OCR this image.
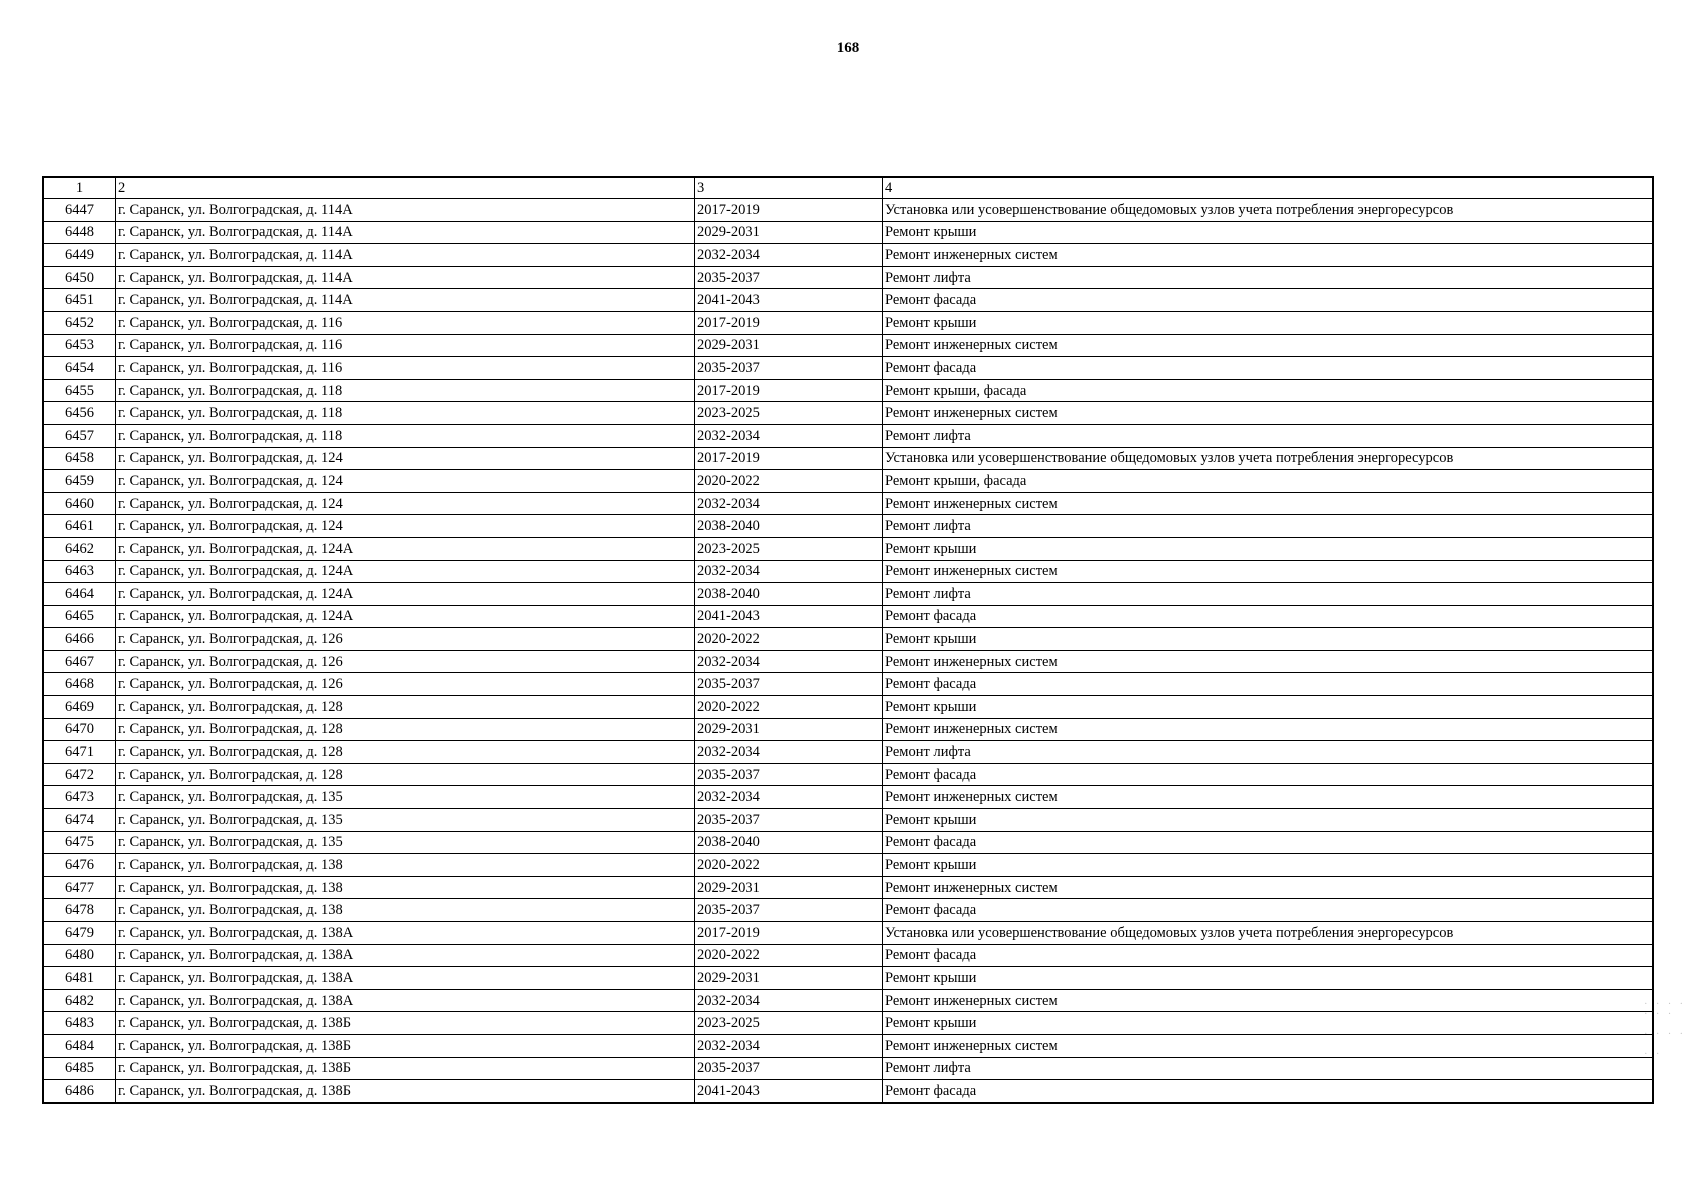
168
1	2	3	4
6447	г. Саранск, ул. Волгоградская, д. 114А	2017-2019	Установка или усовершенствование общедомовых узлов учета потребления энергоресурсов
6448	г. Саранск, ул. Волгоградская, д. 114А	2029-2031	Ремонт крыши
6449	г. Саранск, ул. Волгоградская, д. 114А	2032-2034	Ремонт инженерных систем
6450	г. Саранск, ул. Волгоградская, д. 114А	2035-2037	Ремонт лифта
6451	г. Саранск, ул. Волгоградская, д. 114А	2041-2043	Ремонт фасада
6452	г. Саранск, ул. Волгоградская, д. 116	2017-2019	Ремонт крыши
6453	г. Саранск, ул. Волгоградская, д. 116	2029-2031	Ремонт инженерных систем
6454	г. Саранск, ул. Волгоградская, д. 116	2035-2037	Ремонт фасада
6455	г. Саранск, ул. Волгоградская, д. 118	2017-2019	Ремонт крыши, фасада
6456	г. Саранск, ул. Волгоградская, д. 118	2023-2025	Ремонт инженерных систем
6457	г. Саранск, ул. Волгоградская, д. 118	2032-2034	Ремонт лифта
6458	г. Саранск, ул. Волгоградская, д. 124	2017-2019	Установка или усовершенствование общедомовых узлов учета потребления энергоресурсов
6459	г. Саранск, ул. Волгоградская, д. 124	2020-2022	Ремонт крыши, фасада
6460	г. Саранск, ул. Волгоградская, д. 124	2032-2034	Ремонт инженерных систем
6461	г. Саранск, ул. Волгоградская, д. 124	2038-2040	Ремонт лифта
6462	г. Саранск, ул. Волгоградская, д. 124А	2023-2025	Ремонт крыши
6463	г. Саранск, ул. Волгоградская, д. 124А	2032-2034	Ремонт инженерных систем
6464	г. Саранск, ул. Волгоградская, д. 124А	2038-2040	Ремонт лифта
6465	г. Саранск, ул. Волгоградская, д. 124А	2041-2043	Ремонт фасада
6466	г. Саранск, ул. Волгоградская, д. 126	2020-2022	Ремонт крыши
6467	г. Саранск, ул. Волгоградская, д. 126	2032-2034	Ремонт инженерных систем
6468	г. Саранск, ул. Волгоградская, д. 126	2035-2037	Ремонт фасада
6469	г. Саранск, ул. Волгоградская, д. 128	2020-2022	Ремонт крыши
6470	г. Саранск, ул. Волгоградская, д. 128	2029-2031	Ремонт инженерных систем
6471	г. Саранск, ул. Волгоградская, д. 128	2032-2034	Ремонт лифта
6472	г. Саранск, ул. Волгоградская, д. 128	2035-2037	Ремонт фасада
6473	г. Саранск, ул. Волгоградская, д. 135	2032-2034	Ремонт инженерных систем
6474	г. Саранск, ул. Волгоградская, д. 135	2035-2037	Ремонт крыши
6475	г. Саранск, ул. Волгоградская, д. 135	2038-2040	Ремонт фасада
6476	г. Саранск, ул. Волгоградская, д. 138	2020-2022	Ремонт крыши
6477	г. Саранск, ул. Волгоградская, д. 138	2029-2031	Ремонт инженерных систем
6478	г. Саранск, ул. Волгоградская, д. 138	2035-2037	Ремонт фасада
6479	г. Саранск, ул. Волгоградская, д. 138А	2017-2019	Установка или усовершенствование общедомовых узлов учета потребления энергоресурсов
6480	г. Саранск, ул. Волгоградская, д. 138А	2020-2022	Ремонт фасада
6481	г. Саранск, ул. Волгоградская, д. 138А	2029-2031	Ремонт крыши
6482	г. Саранск, ул. Волгоградская, д. 138А	2032-2034	Ремонт инженерных систем
6483	г. Саранск, ул. Волгоградская, д. 138Б	2023-2025	Ремонт крыши
6484	г. Саранск, ул. Волгоградская, д. 138Б	2032-2034	Ремонт инженерных систем
6485	г. Саранск, ул. Волгоградская, д. 138Б	2035-2037	Ремонт лифта
6486	г. Саранск, ул. Волгоградская, д. 138Б	2041-2043	Ремонт фасада
· · · ·
· · ·

· · · ·

· ·
